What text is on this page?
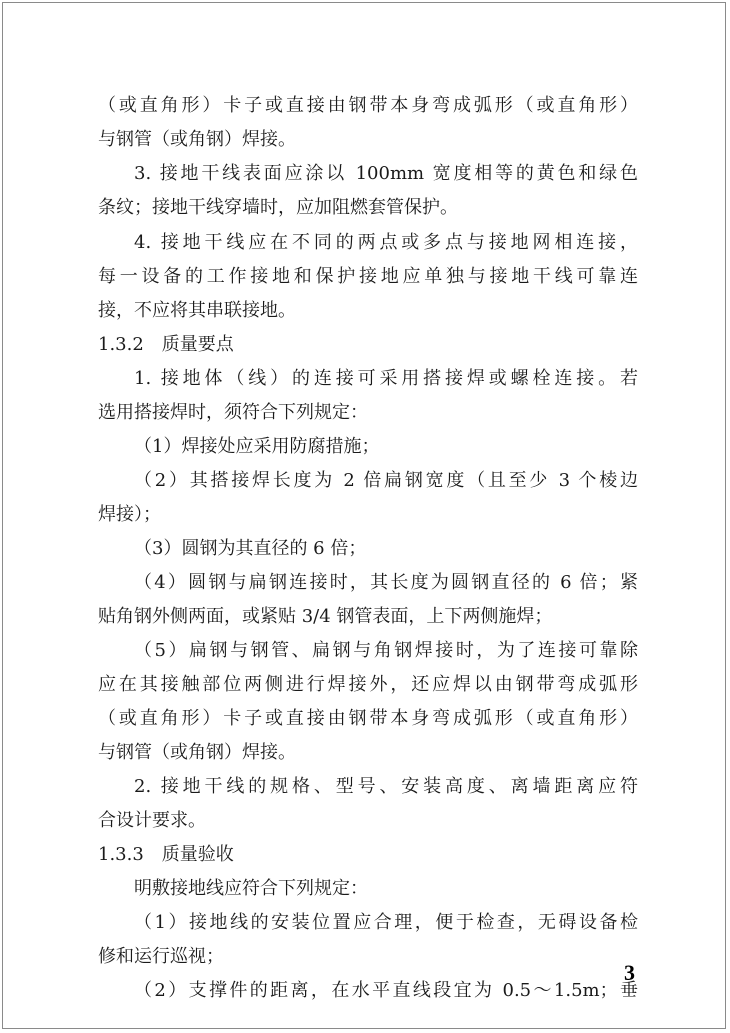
（或直角形）卡子或直接由钢带本身弯成弧形（或直角形）
与钢管（或角钢）焊接。
3. 接地干线表面应涂以 100mm 宽度相等的黄色和绿色
条纹；接地干线穿墙时，应加阻燃套管保护。
4. 接地干线应在不同的两点或多点与接地网相连接，
每一设备的工作接地和保护接地应单独与接地干线可靠连
接，不应将其串联接地。
1.3.2　质量要点
1. 接地体（线）的连接可采用搭接焊或螺栓连接。若
选用搭接焊时，须符合下列规定：
（1）焊接处应采用防腐措施；
（2）其搭接焊长度为 2 倍扁钢宽度（且至少 3 个棱边
焊接）；
（3）圆钢为其直径的 6 倍；
（4）圆钢与扁钢连接时，其长度为圆钢直径的 6 倍；紧
贴角钢外侧两面，或紧贴 3/4 钢管表面，上下两侧施焊；
（5）扁钢与钢管、扁钢与角钢焊接时，为了连接可靠除
应在其接触部位两侧进行焊接外，还应焊以由钢带弯成弧形
（或直角形）卡子或直接由钢带本身弯成弧形（或直角形）
与钢管（或角钢）焊接。
2. 接地干线的规格、型号、安装高度、离墙距离应符
合设计要求。
1.3.3　质量验收
明敷接地线应符合下列规定：
（1）接地线的安装位置应合理，便于检查，无碍设备检
修和运行巡视；
（2）支撑件的距离，在水平直线段宜为 0.5～1.5m；垂
3
